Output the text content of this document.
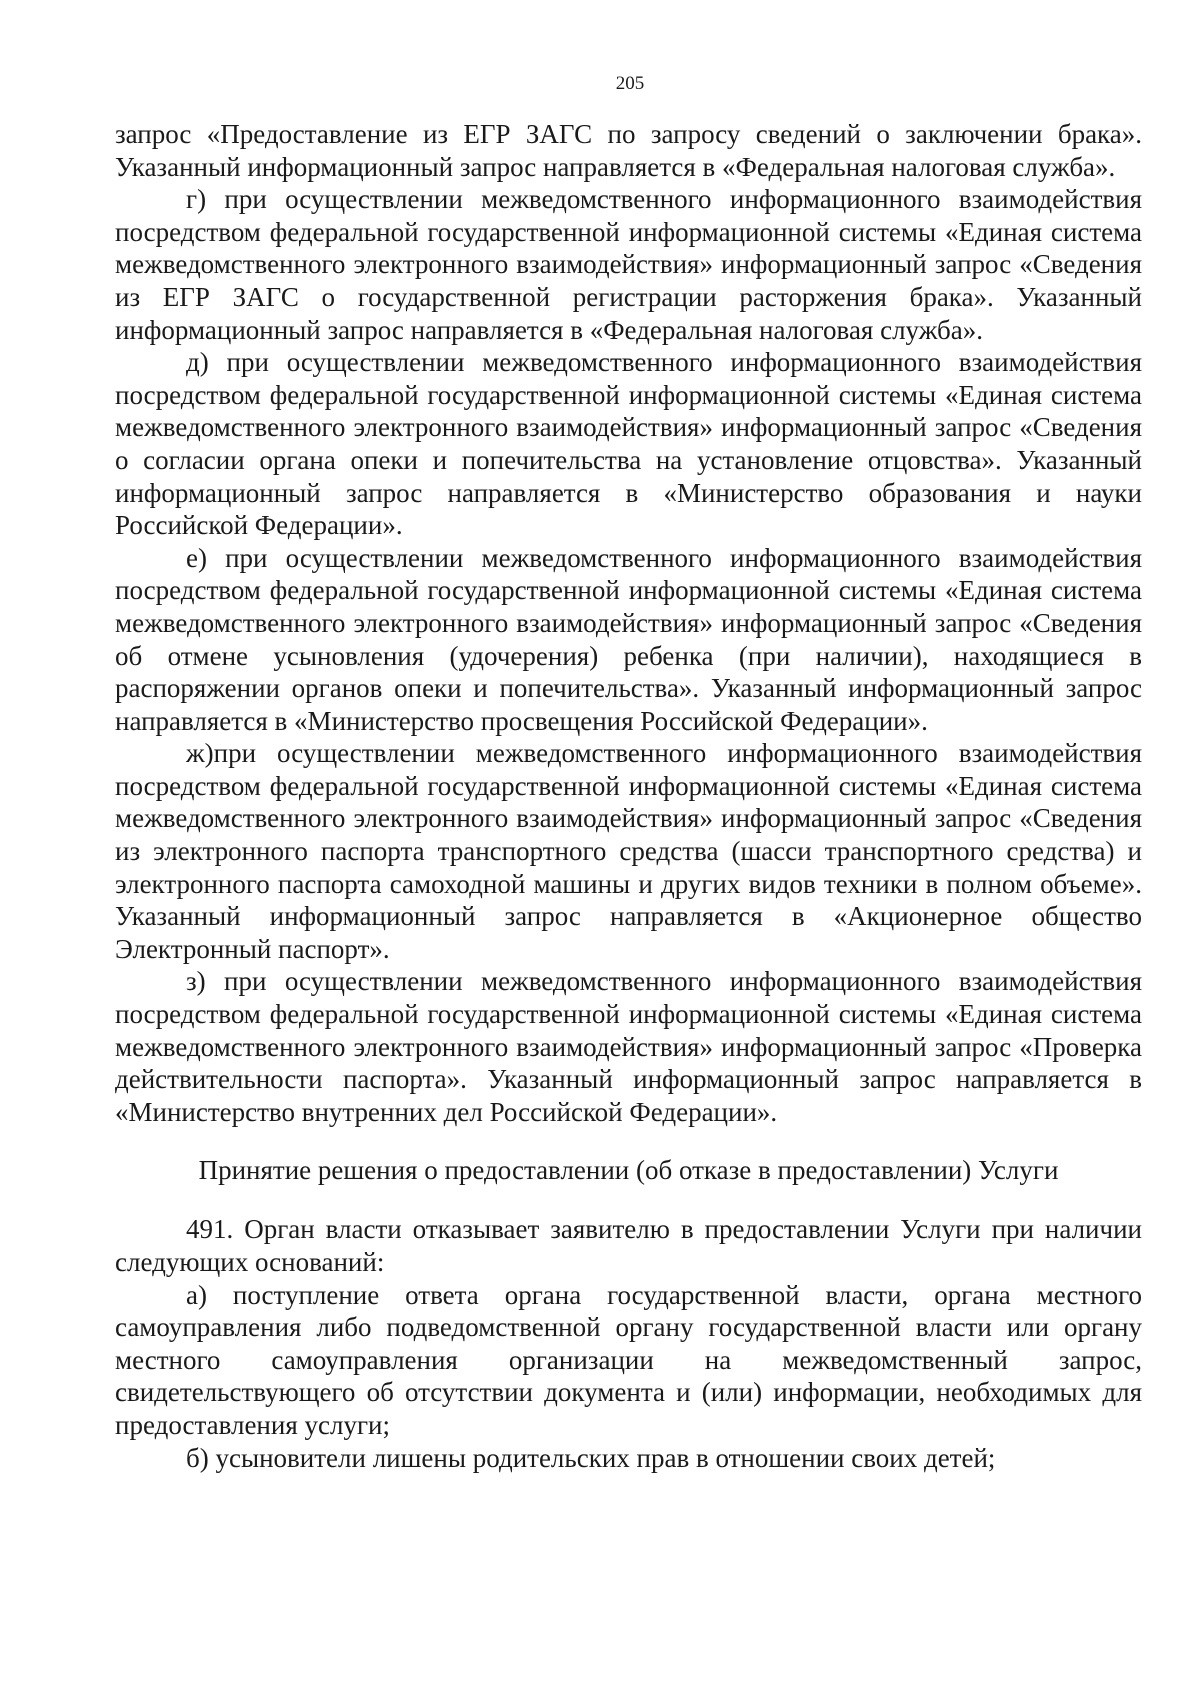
205

запрос «Предоставление из ЕГР ЗАГС по запросу сведений о заключении брака». Указанный информационный запрос направляется в «Федеральная налоговая служба».

г) при осуществлении межведомственного информационного взаимодействия посредством федеральной государственной информационной системы «Единая система межведомственного электронного взаимодействия» информационный запрос «Сведения из ЕГР ЗАГС о государственной регистрации расторжения брака». Указанный информационный запрос направляется в «Федеральная налоговая служба».

д) при осуществлении межведомственного информационного взаимодействия посредством федеральной государственной информационной системы «Единая система межведомственного электронного взаимодействия» информационный запрос «Сведения о согласии органа опеки и попечительства на установление отцовства». Указанный информационный запрос направляется в «Министерство образования и науки Российской Федерации».

е) при осуществлении межведомственного информационного взаимодействия посредством федеральной государственной информационной системы «Единая система межведомственного электронного взаимодействия» информационный запрос «Сведения об отмене усыновления (удочерения) ребенка (при наличии), находящиеся в распоряжении органов опеки и попечительства». Указанный информационный запрос направляется в «Министерство просвещения Российской Федерации».

ж)при осуществлении межведомственного информационного взаимодействия посредством федеральной государственной информационной системы «Единая система межведомственного электронного взаимодействия» информационный запрос «Сведения из электронного паспорта транспортного средства (шасси транспортного средства) и электронного паспорта самоходной машины и других видов техники в полном объеме». Указанный информационный запрос направляется в «Акционерное общество Электронный паспорт».

з) при осуществлении межведомственного информационного взаимодействия посредством федеральной государственной информационной системы «Единая система межведомственного электронного взаимодействия» информационный запрос «Проверка действительности паспорта». Указанный информационный запрос направляется в «Министерство внутренних дел Российской Федерации».

Принятие решения о предоставлении (об отказе в предоставлении) Услуги

491. Орган власти отказывает заявителю в предоставлении Услуги при наличии следующих оснований:

а) поступление ответа органа государственной власти, органа местного самоуправления либо подведомственной органу государственной власти или органу местного самоуправления организации на межведомственный запрос, свидетельствующего об отсутствии документа и (или) информации, необходимых для предоставления услуги;

б) усыновители лишены родительских прав в отношении своих детей;
